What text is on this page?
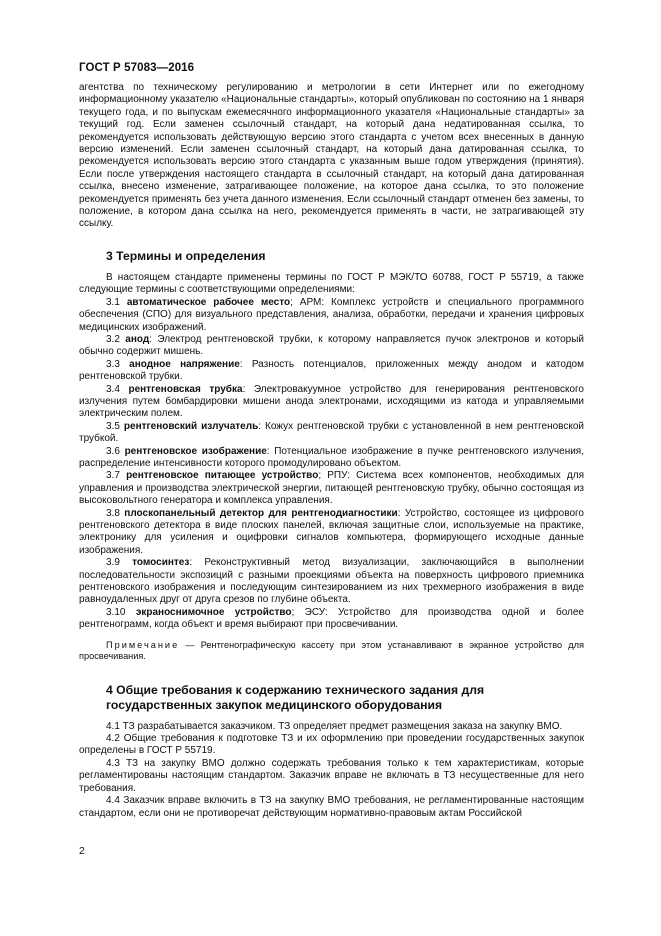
ГОСТ Р 57083—2016

агентства по техническому регулированию и метрологии в сети Интернет или по ежегодному информационному указателю «Национальные стандарты», который опубликован по состоянию на 1 января текущего года, и по выпускам ежемесячного информационного указателя «Национальные стандарты» за текущий год. Если заменен ссылочный стандарт, на который дана недатированная ссылка, то рекомендуется использовать действующую версию этого стандарта с учетом всех внесенных в данную версию изменений. Если заменен ссылочный стандарт, на который дана датированная ссылка, то рекомендуется использовать версию этого стандарта с указанным выше годом утверждения (принятия). Если после утверждения настоящего стандарта в ссылочный стандарт, на который дана датированная ссылка, внесено изменение, затрагивающее положение, на которое дана ссылка, то это положение рекомендуется применять без учета данного изменения. Если ссылочный стандарт отменен без замены, то положение, в котором дана ссылка на него, рекомендуется применять в части, не затрагивающей эту ссылку.

3 Термины и определения

В настоящем стандарте применены термины по ГОСТ Р МЭК/ТО 60788, ГОСТ Р 55719, а также следующие термины с соответствующими определениями:

3.1 автоматическое рабочее место; АРМ: Комплекс устройств и специального программного обеспечения (СПО) для визуального представления, анализа, обработки, передачи и хранения цифровых медицинских изображений.

3.2 анод: Электрод рентгеновской трубки, к которому направляется пучок электронов и который обычно содержит мишень.

3.3 анодное напряжение: Разность потенциалов, приложенных между анодом и катодом рентгеновской трубки.

3.4 рентгеновская трубка: Электровакуумное устройство для генерирования рентгеновского излучения путем бомбардировки мишени анода электронами, исходящими из катода и управляемыми электрическим полем.

3.5 рентгеновский излучатель: Кожух рентгеновской трубки с установленной в нем рентгеновской трубкой.

3.6 рентгеновское изображение: Потенциальное изображение в пучке рентгеновского излучения, распределение интенсивности которого промодулировано объектом.

3.7 рентгеновское питающее устройство; РПУ: Система всех компонентов, необходимых для управления и производства электрической энергии, питающей рентгеновскую трубку, обычно состоящая из высоковольтного генератора и комплекса управления.

3.8 плоскопанельный детектор для рентгенодиагностики: Устройство, состоящее из цифрового рентгеновского детектора в виде плоских панелей, включая защитные слои, используемые на практике, электронику для усиления и оцифровки сигналов компьютера, формирующего исходные данные изображения.

3.9 томосинтез: Реконструктивный метод визуализации, заключающийся в выполнении последовательности экспозиций с разными проекциями объекта на поверхность цифрового приемника рентгеновского изображения и последующим синтезированием из них трехмерного изображения в виде равноудаленных друг от друга срезов по глубине объекта.

3.10 экраноснимочное устройство; ЭСУ: Устройство для производства одной и более рентгенограмм, когда объект и время выбирают при просвечивании.

Примечание — Рентгенографическую кассету при этом устанавливают в экранное устройство для просвечивания.

4 Общие требования к содержанию технического задания для

государственных закупок медицинского оборудования

4.1 ТЗ разрабатывается заказчиком. ТЗ определяет предмет размещения заказа на закупку ВМО.

4.2 Общие требования к подготовке ТЗ и их оформлению при проведении государственных закупок определены в ГОСТ Р 55719.

4.3 ТЗ на закупку ВМО должно содержать требования только к тем характеристикам, которые регламентированы настоящим стандартом. Заказчик вправе не включать в ТЗ несущественные для него требования.

4.4 Заказчик вправе включить в ТЗ на закупку ВМО требования, не регламентированные настоящим стандартом, если они не противоречат действующим нормативно-правовым актам Российской

2
